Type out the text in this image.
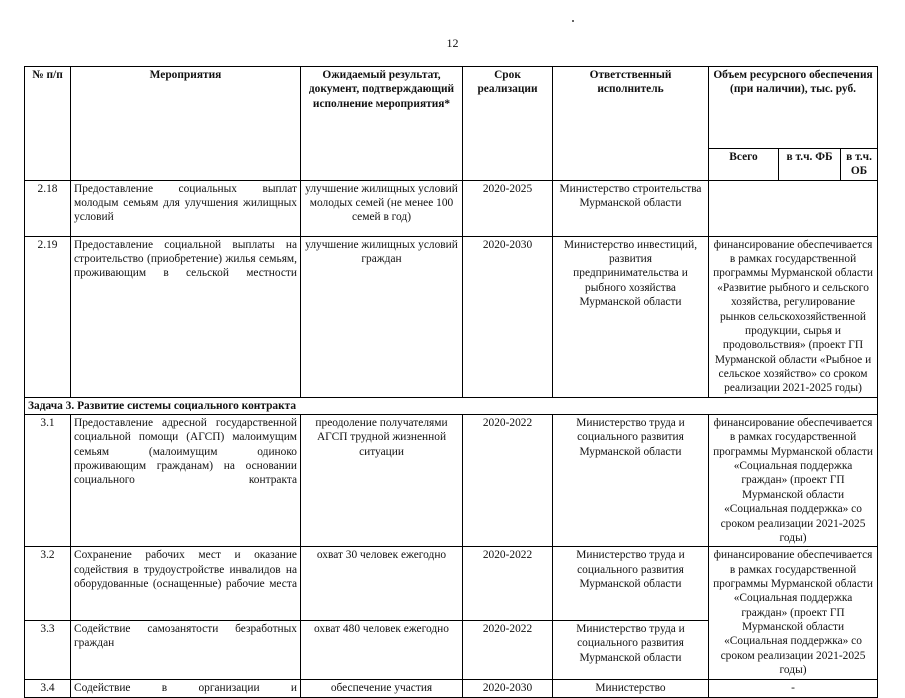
12
№ п/п	Мероприятия	Ожидаемый результат, документ, подтверждающий исполнение мероприятия*	Срок реализации	Ответственный исполнитель	Объем ресурсного обеспечения (при наличии), тыс. руб.		
					Всего	в т.ч. ФБ	в т.ч. ОБ
2.18	Предоставление социальных выплат молодым семьям для улучшения жилищных условий	улучшение жилищных условий молодых семей (не менее 100 семей в год)	2020-2025	Министерство строительства Мурманской области			
2.19	Предоставление социальной выплаты на строительство (приобретение) жилья семьям, проживающим в сельской местности	улучшение жилищных условий граждан	2020-2030	Министерство инвестиций, развития предпринимательства и рыбного хозяйства Мурманской области	финансирование обеспечивается в рамках государственной программы Мурманской области «Развитие рыбного и сельского хозяйства, регулирование рынков сельскохозяйственной продукции, сырья и продовольствия» (проект ГП Мурманской области «Рыбное и сельское хозяйство» со сроком реализации 2021-2025 годы)		
Задача 3. Развитие системы социального контракта							
3.1	Предоставление адресной государственной социальной помощи (АГСП) малоимущим семьям (малоимущим одиноко проживающим гражданам) на основании социального контракта	преодоление получателями АГСП трудной жизненной ситуации	2020-2022	Министерство труда и социального развития Мурманской области	финансирование обеспечивается в рамках государственной программы Мурманской области «Социальная поддержка граждан» (проект ГП Мурманской области «Социальная поддержка» со сроком реализации 2021-2025 годы)		
3.2	Сохранение рабочих мест и оказание содействия в трудоустройстве инвалидов на оборудованные (оснащенные) рабочие места	охват 30 человек ежегодно	2020-2022	Министерство труда и социального развития Мурманской области	финансирование обеспечивается в рамках государственной программы Мурманской области «Социальная поддержка граждан» (проект ГП Мурманской области «Социальная поддержка» со сроком реализации 2021-2025 годы)		
3.3	Содействие самозанятости безработных граждан	охват 480 человек ежегодно	2020-2022	Министерство труда и социального развития Мурманской области			
3.4	Содействие в организации и	обеспечение участия	2020-2030	Министерство	-		
